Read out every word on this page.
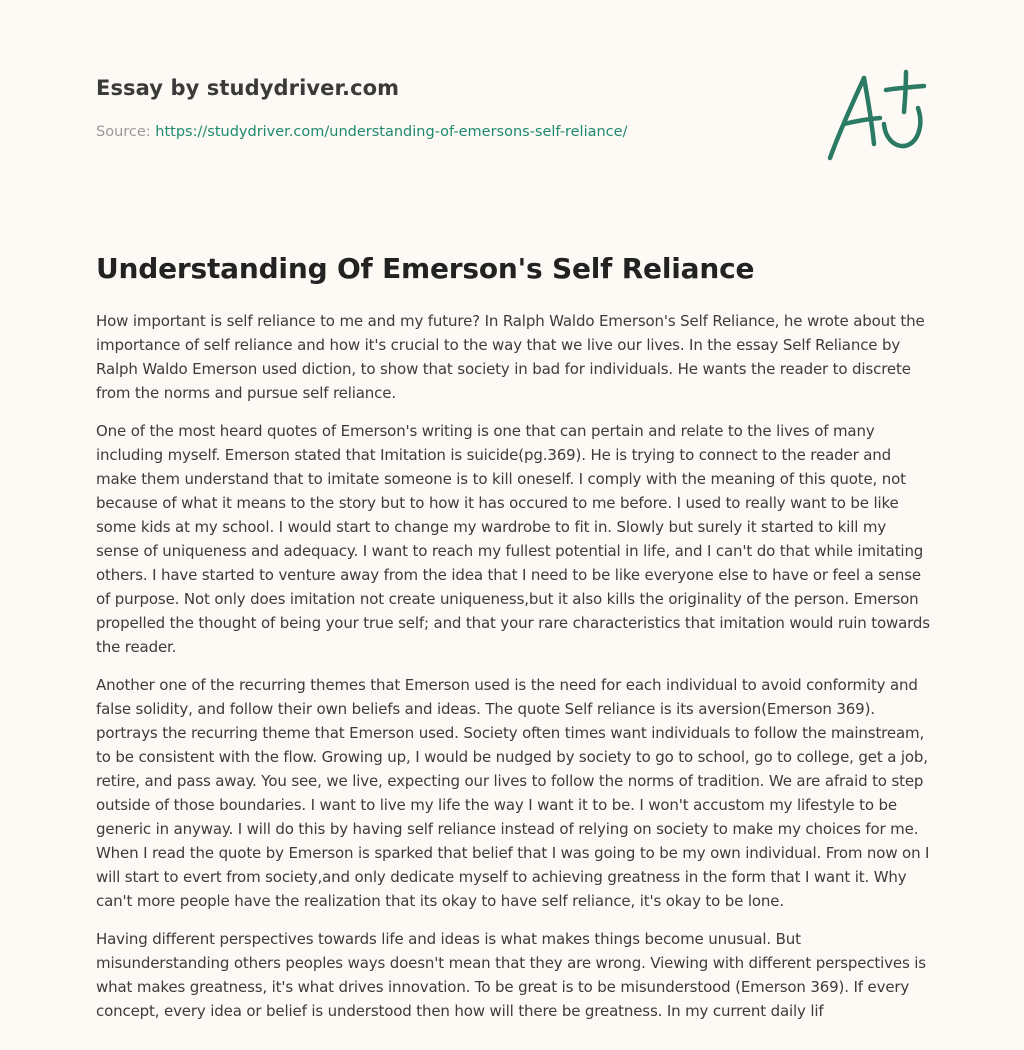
Essay by studydriver.com
Source: https://studydriver.com/understanding-of-emersons-self-reliance/
Understanding Of Emerson's Self Reliance

How important is self reliance to me and my future? In Ralph Waldo Emerson's Self Reliance, he wrote about the importance of self reliance and how it's crucial to the way that we live our lives. In the essay Self Reliance by Ralph Waldo Emerson used diction, to show that society in bad for individuals. He wants the reader to discrete from the norms and pursue self reliance.

One of the most heard quotes of Emerson's writing is one that can pertain and relate to the lives of many including myself. Emerson stated that Imitation is suicide(pg.369). He is trying to connect to the reader and make them understand that to imitate someone is to kill oneself. I comply with the meaning of this quote, not because of what it means to the story but to how it has occured to me before. I used to really want to be like some kids at my school. I would start to change my wardrobe to fit in. Slowly but surely it started to kill my sense of uniqueness and adequacy. I want to reach my fullest potential in life, and I can't do that while imitating others. I have started to venture away from the idea that I need to be like everyone else to have or feel a sense of purpose. Not only does imitation not create uniqueness,but it also kills the originality of the person. Emerson propelled the thought of being your true self; and that your rare characteristics that imitation would ruin towards the reader.

Another one of the recurring themes that Emerson used is the need for each individual to avoid conformity and false solidity, and follow their own beliefs and ideas. The quote Self reliance is its aversion(Emerson 369). portrays the recurring theme that Emerson used. Society often times want individuals to follow the mainstream, to be consistent with the flow. Growing up, I would be nudged by society to go to school, go to college, get a job, retire, and pass away. You see, we live, expecting our lives to follow the norms of tradition. We are afraid to step outside of those boundaries. I want to live my life the way I want it to be. I won't accustom my lifestyle to be generic in anyway. I will do this by having self reliance instead of relying on society to make my choices for me. When I read the quote by Emerson is sparked that belief that I was going to be my own individual. From now on I will start to evert from society,and only dedicate myself to achieving greatness in the form that I want it. Why can't more people have the realization that its okay to have self reliance, it's okay to be lone.

Having different perspectives towards life and ideas is what makes things become unusual. But misunderstanding others peoples ways doesn't mean that they are wrong. Viewing with different perspectives is what makes greatness, it's what drives innovation. To be great is to be misunderstood (Emerson 369). If every concept, every idea or belief is understood then how will there be greatness. In my current daily lif
